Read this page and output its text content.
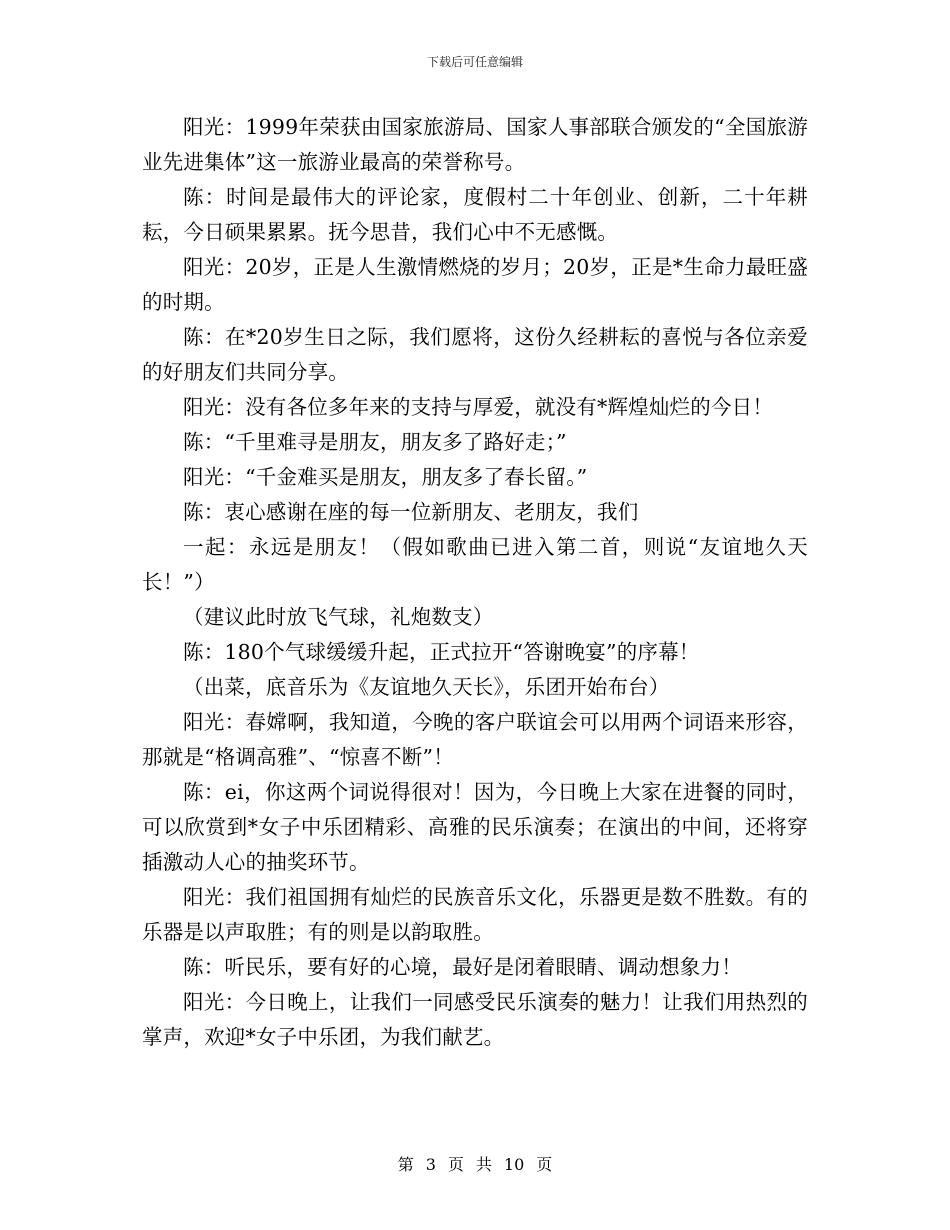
下载后可任意编辑

阳光：1999年荣获由国家旅游局、国家人事部联合颁发的“全国旅游业先进集体”这一旅游业最高的荣誉称号。

陈：时间是最伟大的评论家，度假村二十年创业、创新，二十年耕耘，今日硕果累累。抚今思昔，我们心中不无感慨。

阳光：20岁，正是人生激情燃烧的岁月；20岁，正是*生命力最旺盛的时期。

陈：在*20岁生日之际，我们愿将，这份久经耕耘的喜悦与各位亲爱的好朋友们共同分享。

阳光：没有各位多年来的支持与厚爱，就没有*辉煌灿烂的今日！

陈：“千里难寻是朋友，朋友多了路好走；”

阳光：“千金难买是朋友，朋友多了春长留。”

陈：衷心感谢在座的每一位新朋友、老朋友，我们

一起：永远是朋友！（假如歌曲已进入第二首，则说“友谊地久天长！”）

（建议此时放飞气球，礼炮数支）

陈：180个气球缓缓升起，正式拉开“答谢晚宴”的序幕！

（出菜，底音乐为《友谊地久天长》，乐团开始布台）

阳光：春嫦啊，我知道，今晚的客户联谊会可以用两个词语来形容，那就是“格调高雅”、“惊喜不断”！

陈：ei，你这两个词说得很对！因为，今日晚上大家在进餐的同时，可以欣赏到*女子中乐团精彩、高雅的民乐演奏；在演出的中间，还将穿插激动人心的抽奖环节。

阳光：我们祖国拥有灿烂的民族音乐文化，乐器更是数不胜数。有的乐器是以声取胜；有的则是以韵取胜。

陈：听民乐，要有好的心境，最好是闭着眼睛、调动想象力！

阳光：今日晚上，让我们一同感受民乐演奏的魅力！让我们用热烈的掌声，欢迎*女子中乐团，为我们献艺。

第 3 页 共 10 页
